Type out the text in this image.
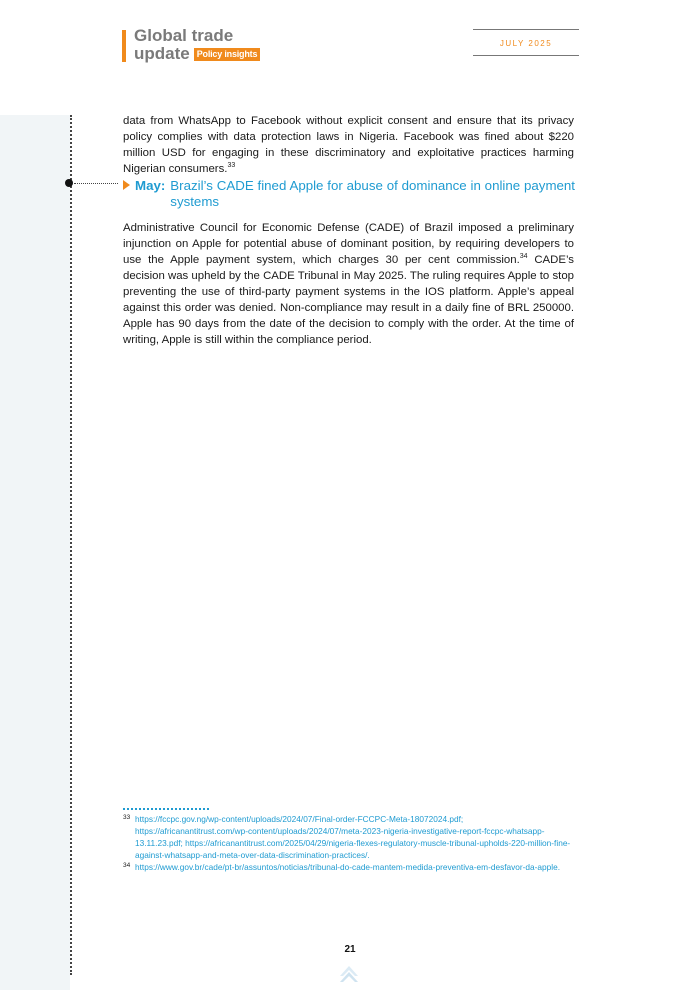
Global trade
update Policy insights
JULY 2025

data from WhatsApp to Facebook without explicit consent and ensure that its privacy policy complies with data protection laws in Nigeria. Facebook was fined about $220 million USD for engaging in these discriminatory and exploitative practices harming Nigerian consumers.$^{33}$

May: Brazil’s CADE fined Apple for abuse of dominance in online payment systems

Administrative Council for Economic Defense (CADE) of Brazil imposed a preliminary injunction on Apple for potential abuse of dominant position, by requiring developers to use the Apple payment system, which charges 30 per cent commission.$^{34}$ CADE’s decision was upheld by the CADE Tribunal in May 2025. The ruling requires Apple to stop preventing the use of third-party payment systems in the IOS platform. Apple’s appeal against this order was denied. Non-compliance may result in a daily fine of BRL 250000. Apple has 90 days from the date of the decision to comply with the order. At the time of writing, Apple is still within the compliance period.

33 https://fccpc.gov.ng/wp-content/uploads/2024/07/Final-order-FCCPC-Meta-18072024.pdf; https://africanantitrust.com/wp-content/uploads/2024/07/meta-2023-nigeria-investigative-report-fccpc-whatsapp-13.11.23.pdf; https://africanantitrust.com/2025/04/29/nigeria-flexes-regulatory-muscle-tribunal-upholds-220-million-fine-against-whatsapp-and-meta-over-data-discrimination-practices/.
34 https://www.gov.br/cade/pt-br/assuntos/noticias/tribunal-do-cade-mantem-medida-preventiva-em-desfavor-da-apple.
21
